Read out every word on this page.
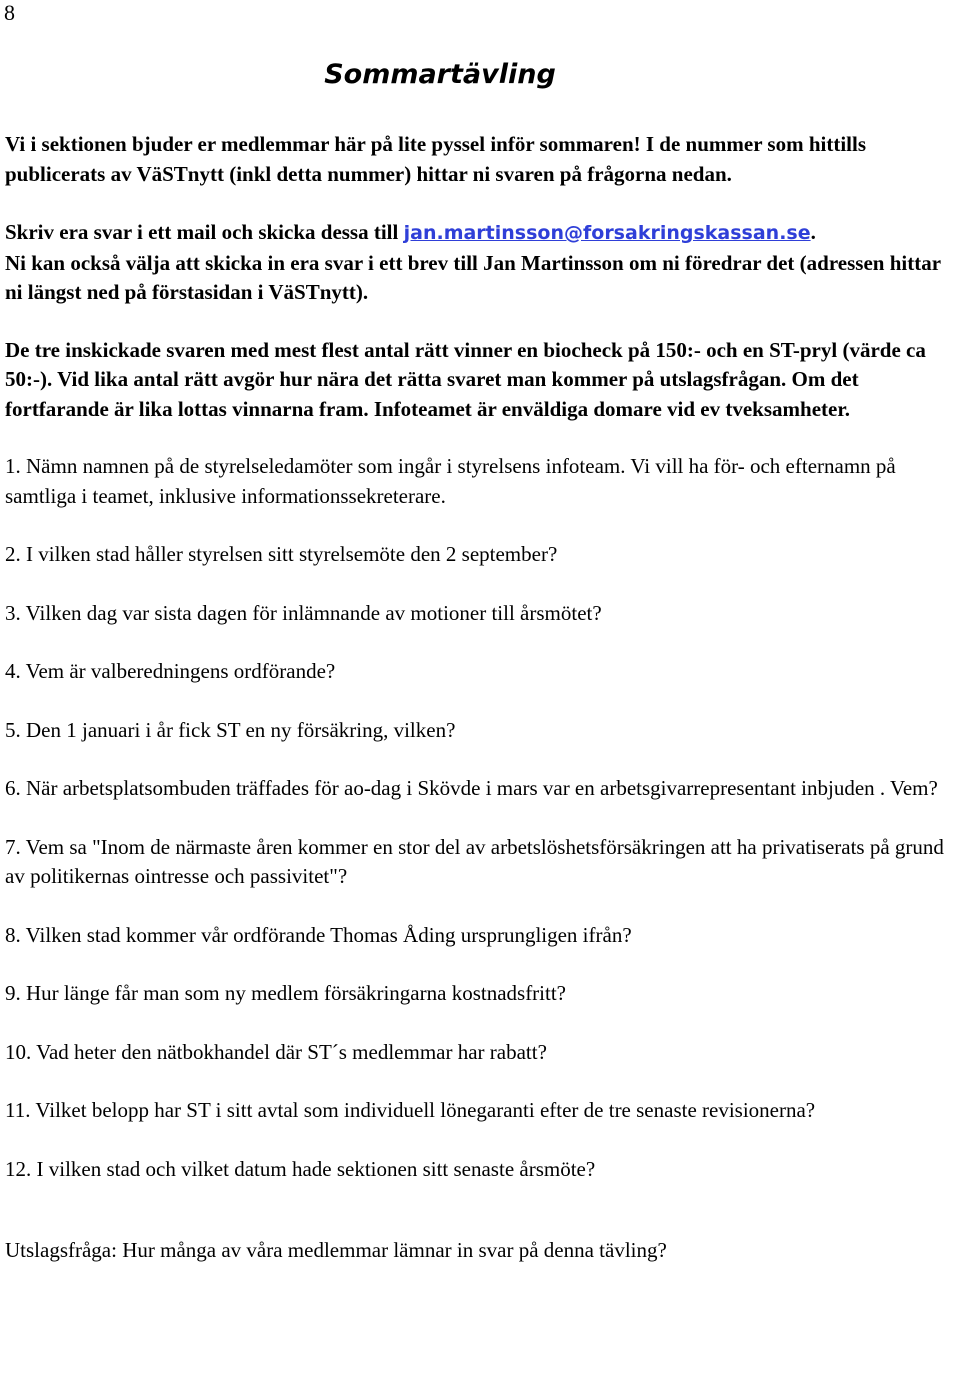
8
Sommartävling

Vi i sektionen bjuder er medlemmar här på lite pyssel inför sommaren! I de nummer som hittills publicerats av VäSTnytt (inkl detta nummer) hittar ni svaren på frågorna nedan.

Skriv era svar i ett mail och skicka dessa till jan.martinsson@forsakringskassan.se.
Ni kan också välja att skicka in era svar i ett brev till Jan Martinsson om ni föredrar det (adressen hittar ni längst ned på förstasidan i VäSTnytt).

De tre inskickade svaren med mest flest antal rätt vinner en biocheck på 150:- och en ST-pryl (värde ca 50:-). Vid lika antal rätt avgör hur nära det rätta svaret man kommer på utslagsfrågan. Om det fortfarande är lika lottas vinnarna fram. Infoteamet är enväldiga domare vid ev tveksamheter.

1. Nämn namnen på de styrelseledamöter som ingår i styrelsens infoteam. Vi vill ha för- och efternamn på samtliga i teamet, inklusive informationssekreterare.

2. I vilken stad håller styrelsen sitt styrelsemöte den 2 september?

3. Vilken dag var sista dagen för inlämnande av motioner till årsmötet?

4. Vem är valberedningens ordförande?

5. Den 1 januari i år fick ST en ny försäkring, vilken?

6. När arbetsplatsombuden träffades för ao-dag i Skövde i mars var en arbetsgivarrepresentant inbjuden . Vem?

7. Vem sa "Inom de närmaste åren kommer en stor del av arbetslöshetsförsäkringen att ha privatiserats på grund av politikernas ointresse och passivitet"?

8. Vilken stad kommer vår ordförande Thomas Åding ursprungligen ifrån?

9. Hur länge får man som ny medlem försäkringarna kostnadsfritt?

10. Vad heter den nätbokhandel där ST´s medlemmar har rabatt?

11. Vilket belopp har ST i sitt avtal som individuell lönegaranti efter de tre senaste revisionerna?

12. I vilken stad och vilket datum hade sektionen sitt senaste årsmöte?

Utslagsfråga: Hur många av våra medlemmar lämnar in svar på denna tävling?
